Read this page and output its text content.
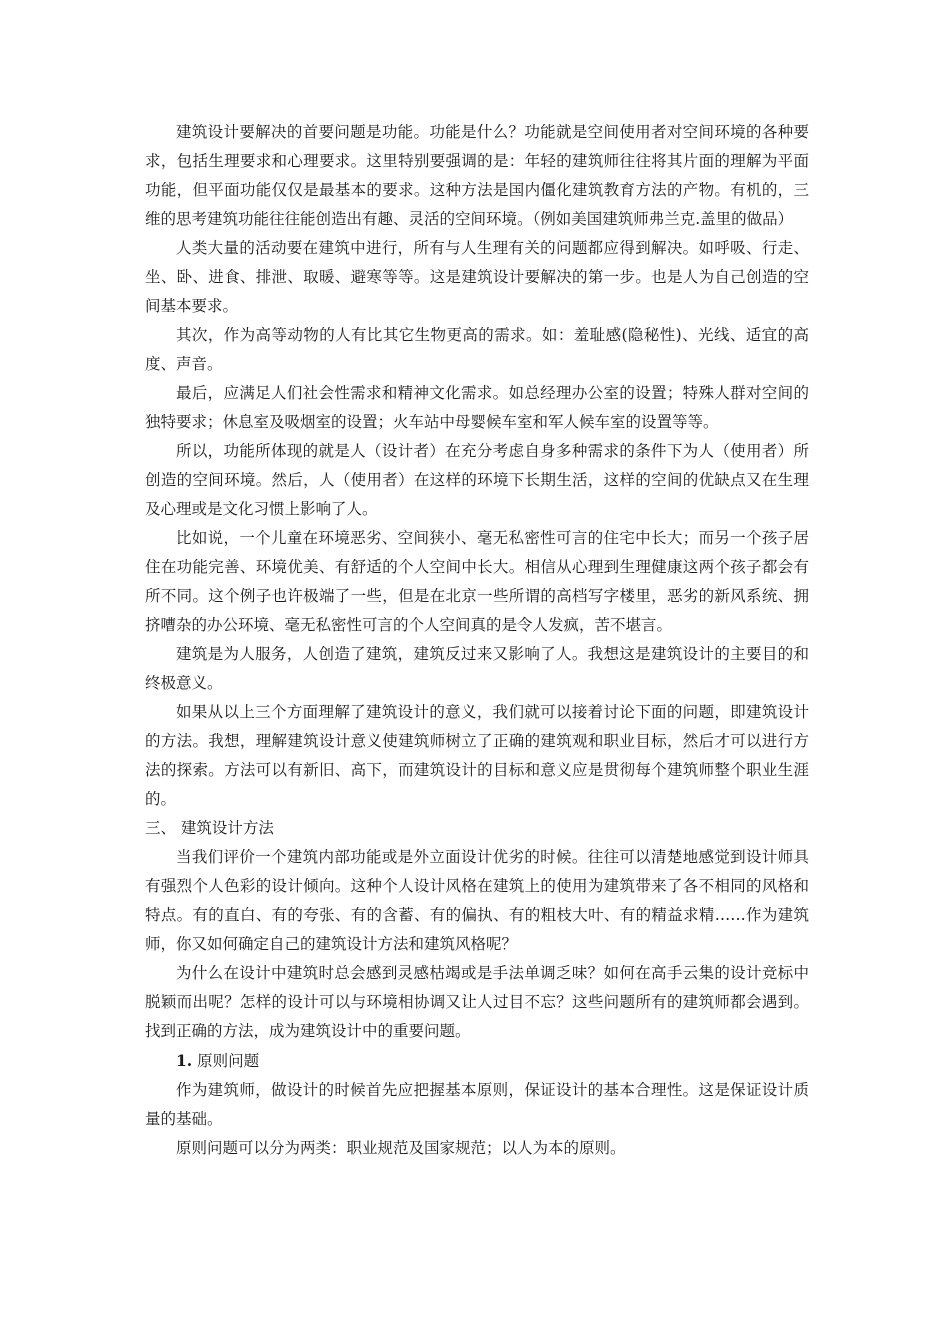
建筑设计要解决的首要问题是功能。功能是什么？功能就是空间使用者对空间环境的各种要求，包括生理要求和心理要求。这里特别要强调的是：年轻的建筑师往往将其片面的理解为平面功能，但平面功能仅仅是最基本的要求。这种方法是国内僵化建筑教育方法的产物。有机的，三维的思考建筑功能往往能创造出有趣、灵活的空间环境。（例如美国建筑师弗兰克.盖里的做品）

人类大量的活动要在建筑中进行，所有与人生理有关的问题都应得到解决。如呼吸、行走、坐、卧、进食、排泄、取暖、避寒等等。这是建筑设计要解决的第一步。也是人为自己创造的空间基本要求。

其次，作为高等动物的人有比其它生物更高的需求。如：羞耻感(隐秘性)、光线、适宜的高度、声音。

最后，应满足人们社会性需求和精神文化需求。如总经理办公室的设置；特殊人群对空间的独特要求；休息室及吸烟室的设置；火车站中母婴候车室和军人候车室的设置等等。

所以，功能所体现的就是人（设计者）在充分考虑自身多种需求的条件下为人（使用者）所创造的空间环境。然后，人（使用者）在这样的环境下长期生活，这样的空间的优缺点又在生理及心理或是文化习惯上影响了人。

比如说，一个儿童在环境恶劣、空间狭小、毫无私密性可言的住宅中长大；而另一个孩子居住在功能完善、环境优美、有舒适的个人空间中长大。相信从心理到生理健康这两个孩子都会有所不同。这个例子也许极端了一些，但是在北京一些所谓的高档写字楼里，恶劣的新风系统、拥挤嘈杂的办公环境、毫无私密性可言的个人空间真的是令人发疯，苦不堪言。

建筑是为人服务，人创造了建筑，建筑反过来又影响了人。我想这是建筑设计的主要目的和终极意义。

如果从以上三个方面理解了建筑设计的意义，我们就可以接着讨论下面的问题，即建筑设计的方法。我想，理解建筑设计意义使建筑师树立了正确的建筑观和职业目标，然后才可以进行方法的探索。方法可以有新旧、高下，而建筑设计的目标和意义应是贯彻每个建筑师整个职业生涯的。

三、 建筑设计方法

当我们评价一个建筑内部功能或是外立面设计优劣的时候。往往可以清楚地感觉到设计师具有强烈个人色彩的设计倾向。这种个人设计风格在建筑上的使用为建筑带来了各不相同的风格和特点。有的直白、有的夸张、有的含蓄、有的偏执、有的粗枝大叶、有的精益求精……作为建筑师，你又如何确定自己的建筑设计方法和建筑风格呢？

为什么在设计中建筑时总会感到灵感枯竭或是手法单调乏味？如何在高手云集的设计竞标中脱颖而出呢？怎样的设计可以与环境相协调又让人过目不忘？这些问题所有的建筑师都会遇到。找到正确的方法，成为建筑设计中的重要问题。

1. 原则问题

作为建筑师，做设计的时候首先应把握基本原则，保证设计的基本合理性。这是保证设计质量的基础。

原则问题可以分为两类：职业规范及国家规范；以人为本的原则。
